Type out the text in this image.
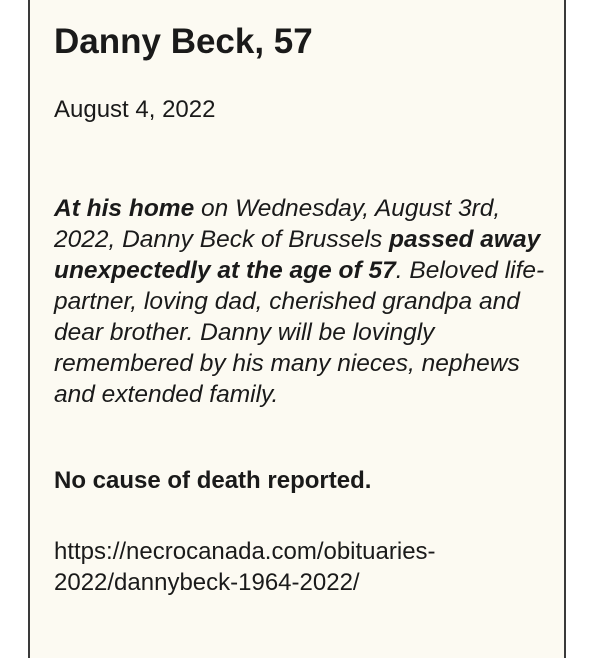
Danny Beck, 57
August 4, 2022

At his home on Wednesday, August 3rd, 2022, Danny Beck of Brussels passed away unexpectedly at the age of 57. Beloved life-partner, loving dad, cherished grandpa and dear brother. Danny will be lovingly remembered by his many nieces, nephews and extended family.

No cause of death reported.
https://necrocanada.com/obituaries-
2022/dannybeck-1964-2022/
